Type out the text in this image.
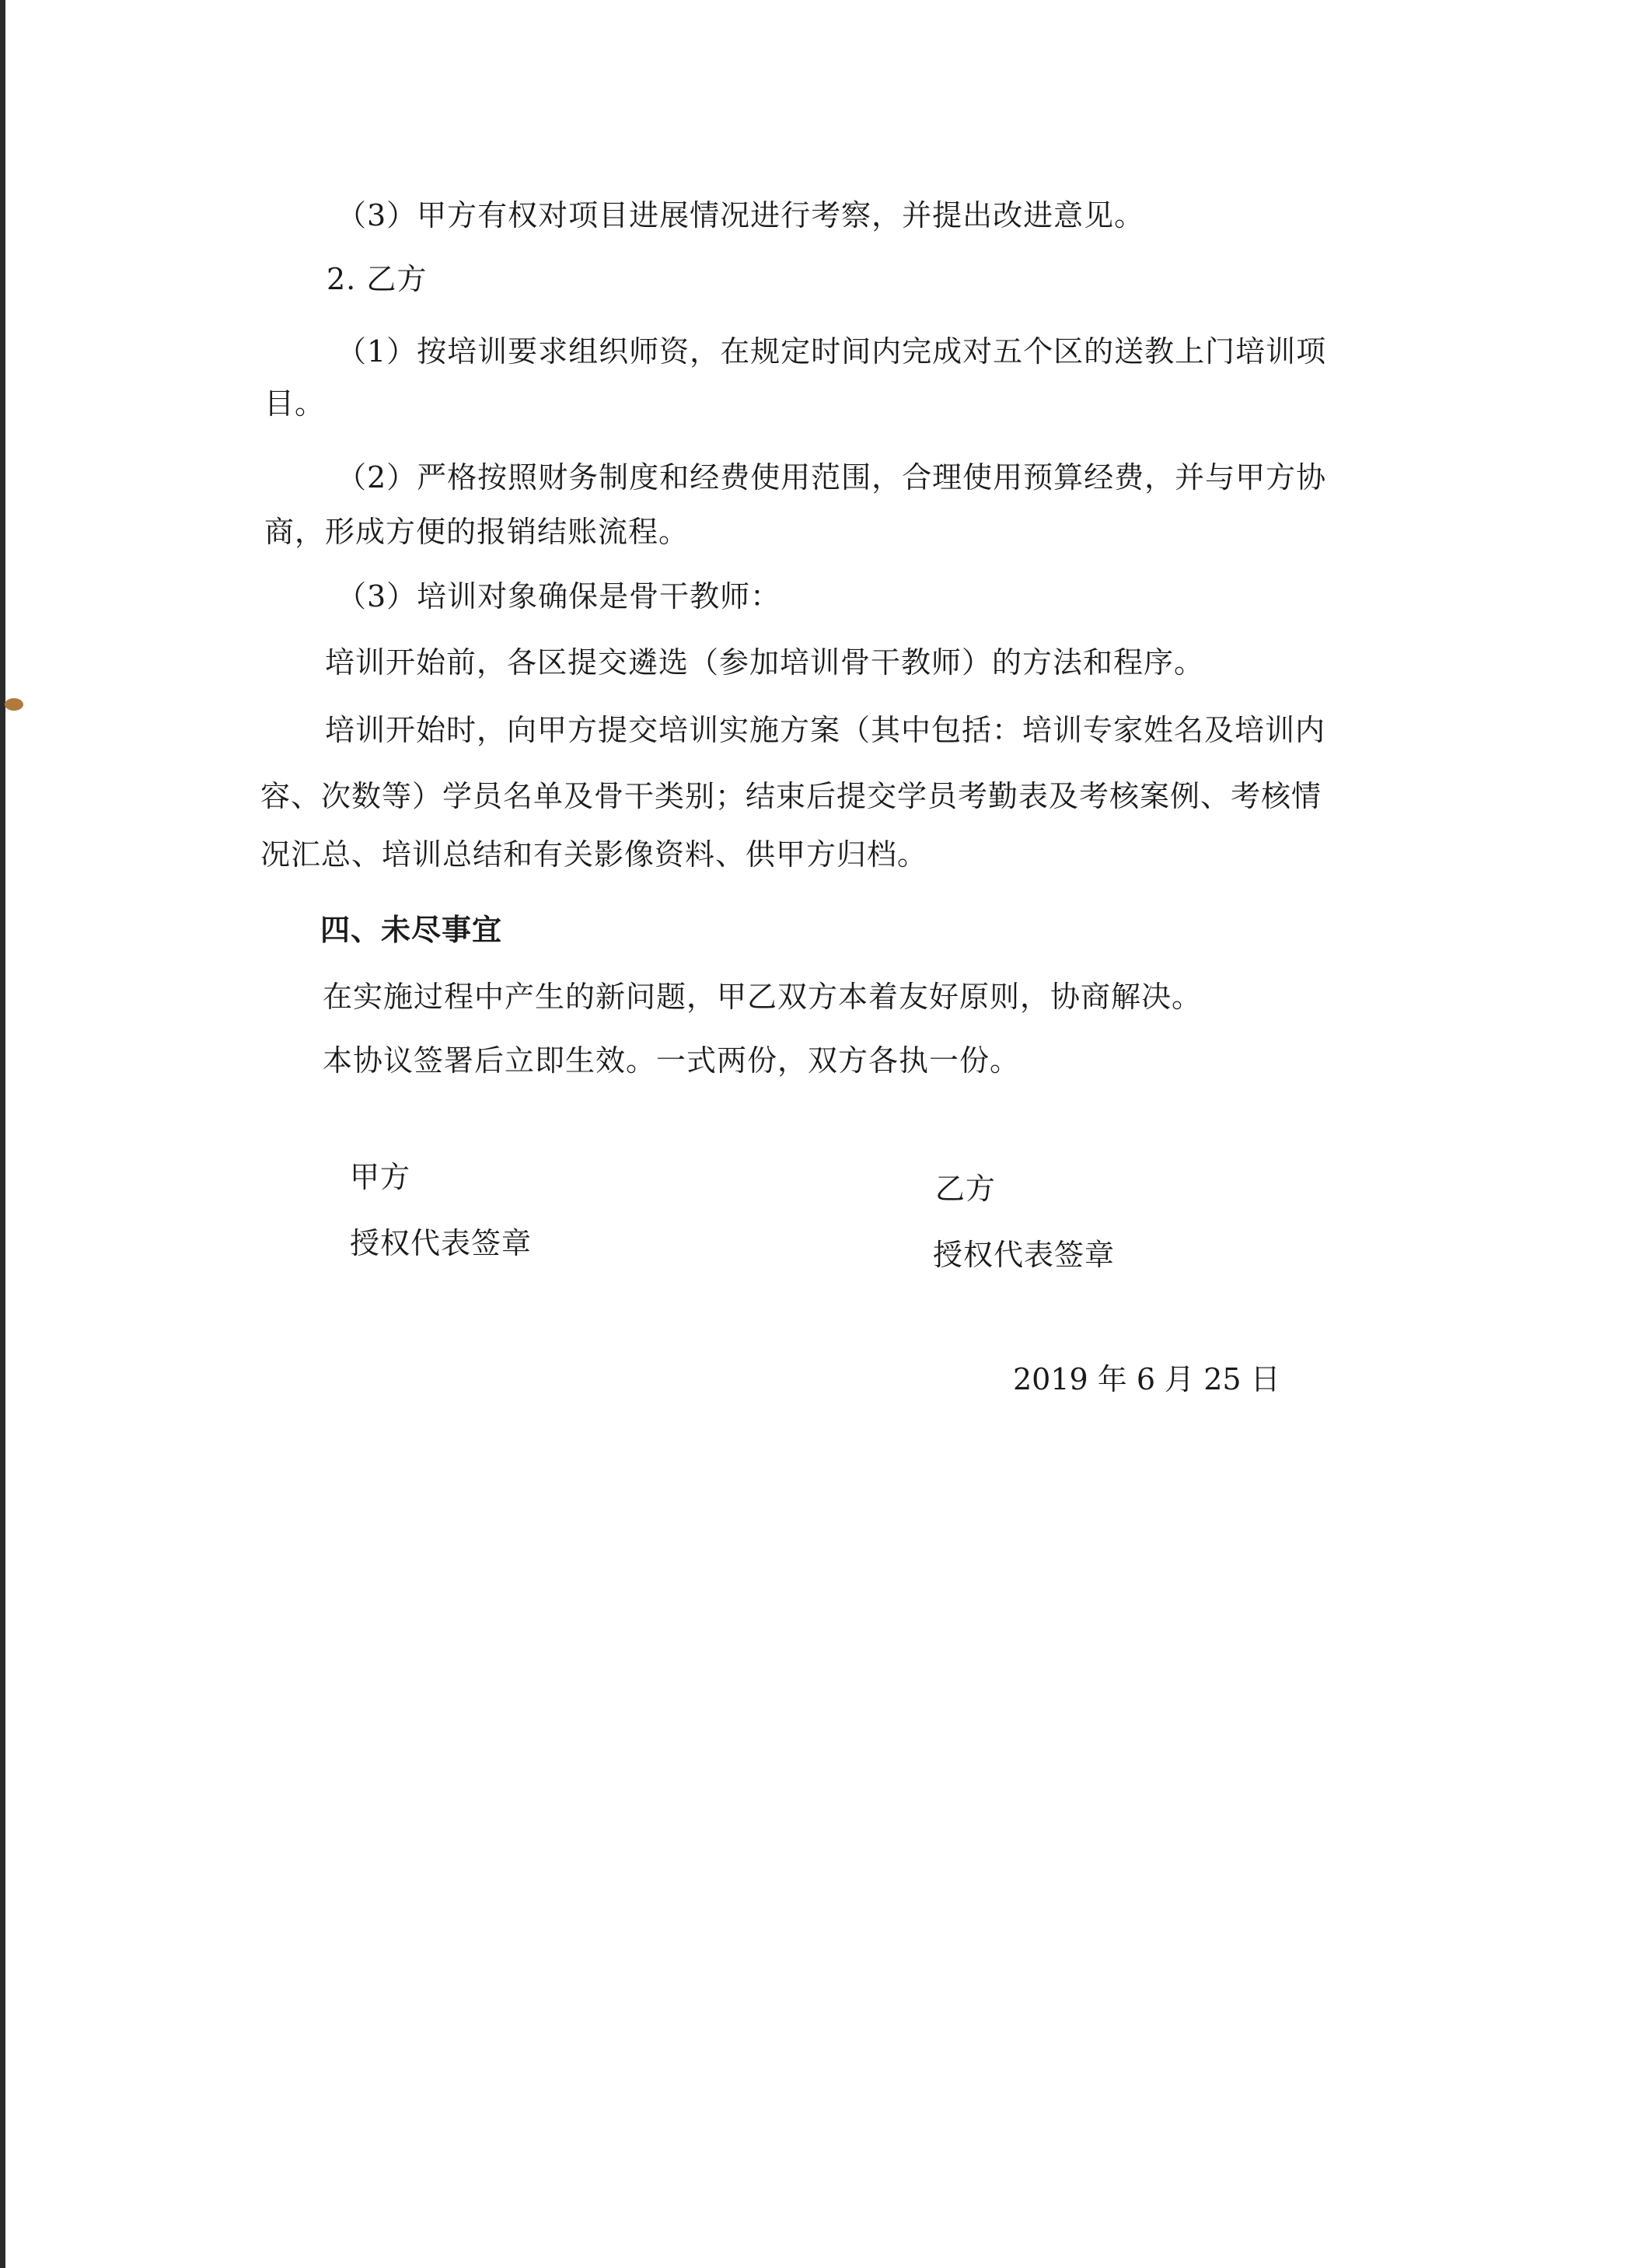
（3）甲方有权对项目进展情况进行考察，并提出改进意见。
2. 乙方
（1）按培训要求组织师资，在规定时间内完成对五个区的送教上门培训项
目。
（2）严格按照财务制度和经费使用范围，合理使用预算经费，并与甲方协
商，形成方便的报销结账流程。
（3）培训对象确保是骨干教师：
培训开始前，各区提交遴选（参加培训骨干教师）的方法和程序。
培训开始时，向甲方提交培训实施方案（其中包括：培训专家姓名及培训内
容、次数等）学员名单及骨干类别；结束后提交学员考勤表及考核案例、考核情
况汇总、培训总结和有关影像资料、供甲方归档。
四、未尽事宜
在实施过程中产生的新问题，甲乙双方本着友好原则，协商解决。
本协议签署后立即生效。一式两份，双方各执一份。
甲方
授权代表签章
乙方
授权代表签章
2019 年 6 月 25 日
